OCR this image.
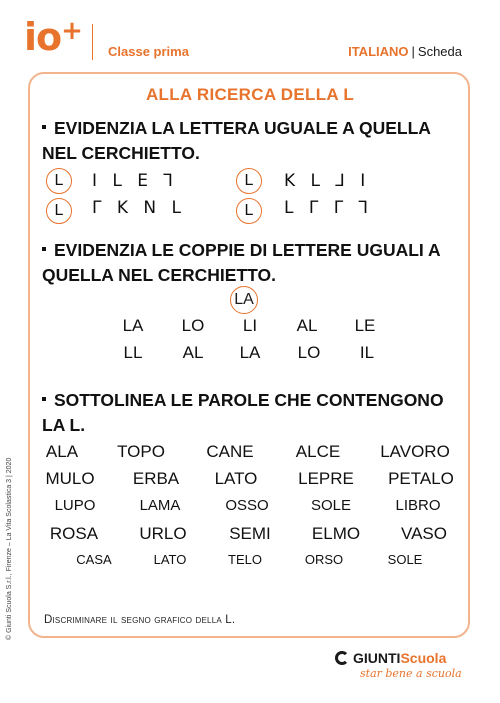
io+
Classe prima	ITALIANO | Scheda
ALLA RICERCA DELLA L
EVIDENZIA LA LETTERA UGUALE A QUELLA NEL CERCHIETTO.
L	I L E ⅂	L	K L ⅃ I
L	Γ K N L	L	L Γ Γ ⅂
EVIDENZIA LE COPPIE DI LETTERE UGUALI A QUELLA NEL CERCHIETTO.
LA
LA LO LI AL LE
LL AL LA LO IL
SOTTOLINEA LE PAROLE CHE CONTENGONO LA L.
ALA TOPO CANE ALCE LAVORO
MULO ERBA LATO LEPRE PETALO
LUPO	LAMA	OSSO	SOLE	LIBRO
ROSA URLO	SEMI ELMO VASO
CASA	LATO	TELO	ORSO	SOLE
Discriminare il segno grafico della L.
© Giunti Scuola S.r.l., Firenze – La Vita Scolastica 3 | 2020
GIUNTI Scuola
star bene a scuola
